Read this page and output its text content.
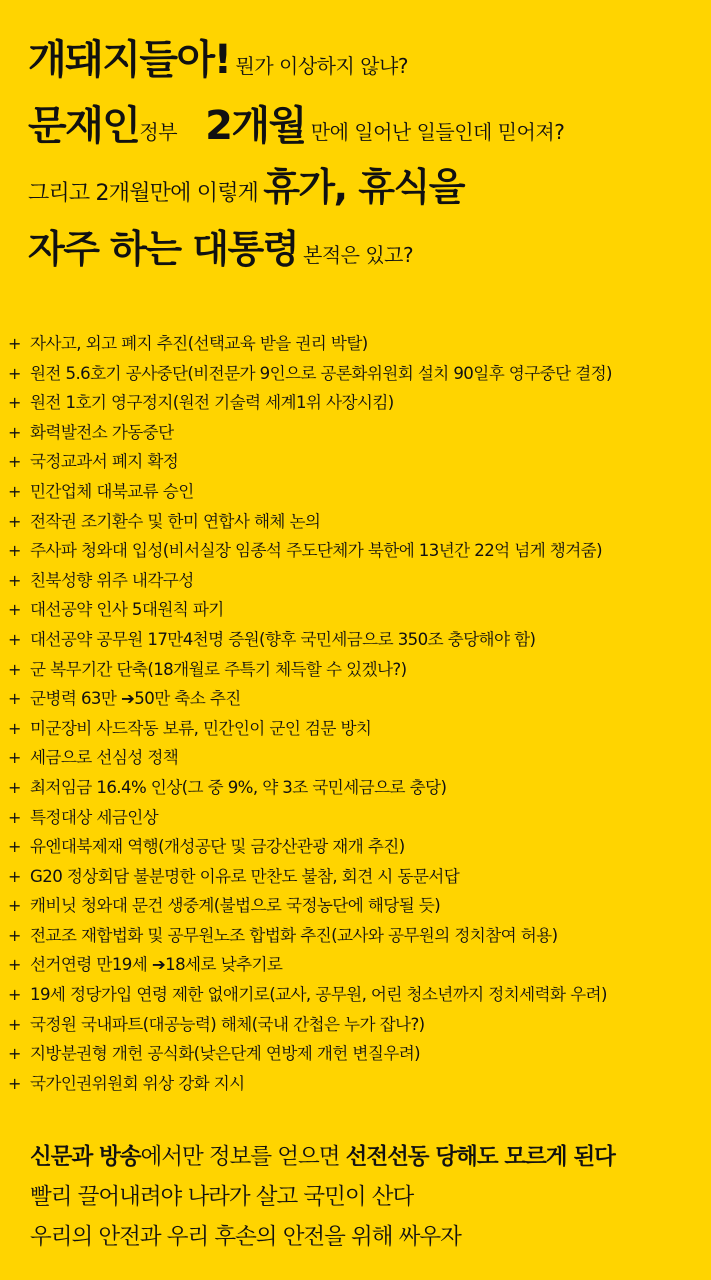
개돼지들아! 뭔가 이상하지 않냐?
문재인정부 2개월 만에 일어난 일들인데 믿어져?
그리고 2개월만에 이렇게 휴가, 휴식을
자주 하는 대통령 본적은 있고?
+ 자사고, 외고 폐지 추진(선택교육 받을 권리 박탈)
+ 원전 5.6호기 공사중단(비전문가 9인으로 공론화위원회 설치 90일후 영구중단 결정)
+ 원전 1호기 영구정지(원전 기술력 세계1위 사장시킴)
+ 화력발전소 가동중단
+ 국정교과서 폐지 확정
+ 민간업체 대북교류 승인
+ 전작권 조기환수 및 한미 연합사 해체 논의
+ 주사파 청와대 입성(비서실장 임종석 주도단체가 북한에 13년간 22억 넘게 챙겨줌)
+ 친북성향 위주 내각구성
+ 대선공약 인사 5대원칙 파기
+ 대선공약 공무원 17만4천명 증원(향후 국민세금으로 350조 충당해야 함)
+ 군 복무기간 단축(18개월로 주특기 체득할 수 있겠나?)
+ 군병력 63만 ➔50만 축소 추진
+ 미군장비 사드작동 보류, 민간인이 군인 검문 방치
+ 세금으로 선심성 정책
+ 최저임금 16.4% 인상(그 중 9%, 약 3조 국민세금으로 충당)
+ 특정대상 세금인상
+ 유엔대북제재 역행(개성공단 및 금강산관광 재개 추진)
+ G20 정상회담 불분명한 이유로 만찬도 불참, 회견 시 동문서답
+ 캐비닛 청와대 문건 생중계(불법으로 국정농단에 해당될 듯)
+ 전교조 재합법화 및 공무원노조 합법화 추진(교사와 공무원의 정치참여 허용)
+ 선거연령 만19세 ➔18세로 낮추기로
+ 19세 정당가입 연령 제한 없애기로(교사, 공무원, 어린 청소년까지 정치세력화 우려)
+ 국정원 국내파트(대공능력) 해체(국내 간첩은 누가 잡나?)
+ 지방분권형 개헌 공식화(낮은단계 연방제 개헌 변질우려)
+ 국가인권위원회 위상 강화 지시
신문과 방송에서만 정보를 얻으면 선전선동 당해도 모르게 된다
빨리 끌어내려야 나라가 살고 국민이 산다
우리의 안전과 우리 후손의 안전을 위해 싸우자
